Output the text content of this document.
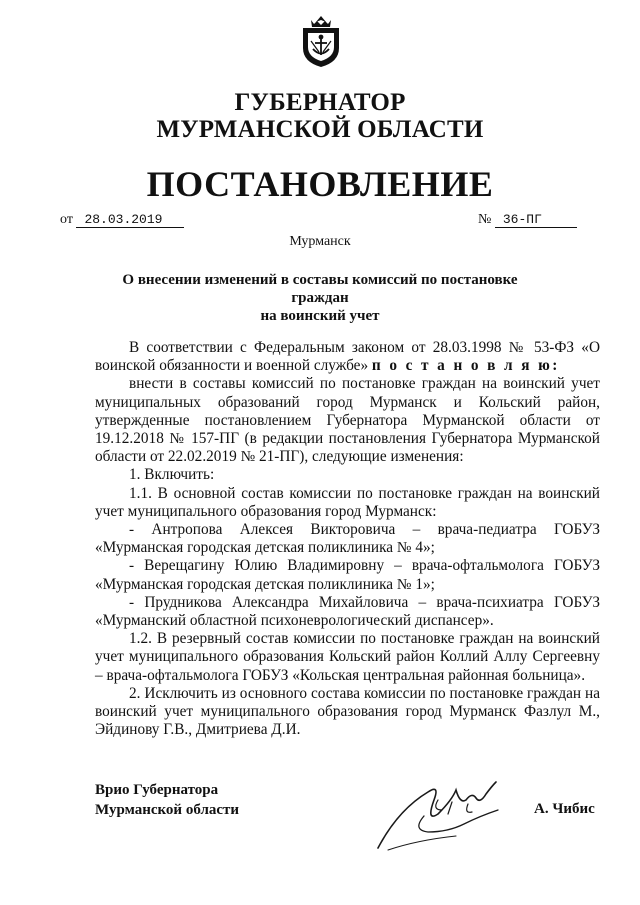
ГУБЕРНАТОР
МУРМАНСКОЙ ОБЛАСТИ
ПОСТАНОВЛЕНИЕ
от 28.03.2019	№ 36-ПГ
Мурманск
О внесении изменений в составы комиссий по постановке граждан
на воинский учет

В соответствии с Федеральным законом от 28.03.1998 № 53-ФЗ «О воинской обязанности и военной службе» п о с т а н о в л я ю:

внести в составы комиссий по постановке граждан на воинский учет муниципальных образований город Мурманск и Кольский район, утвержденные постановлением Губернатора Мурманской области от 19.12.2018 № 157-ПГ (в редакции постановления Губернатора Мурманской области от 22.02.2019 № 21-ПГ), следующие изменения:

1. Включить:

1.1. В основной состав комиссии по постановке граждан на воинский учет муниципального образования город Мурманск:

- Антропова Алексея Викторовича – врача-педиатра ГОБУЗ «Мурманская городская детская поликлиника № 4»;

- Верещагину Юлию Владимировну – врача-офтальмолога ГОБУЗ «Мурманская городская детская поликлиника № 1»;

- Прудникова Александра Михайловича – врача-психиатра ГОБУЗ «Мурманский областной психоневрологический диспансер».

1.2. В резервный состав комиссии по постановке граждан на воинский учет муниципального образования Кольский район Коллий Аллу Сергеевну – врача-офтальмолога ГОБУЗ «Кольская центральная районная больница».

2. Исключить из основного состава комиссии по постановке граждан на воинский учет муниципального образования город Мурманск Фазлул М., Эйдинову Г.В., Дмитриева Д.И.

Врио Губернатора
Мурманской области	А. Чибис
